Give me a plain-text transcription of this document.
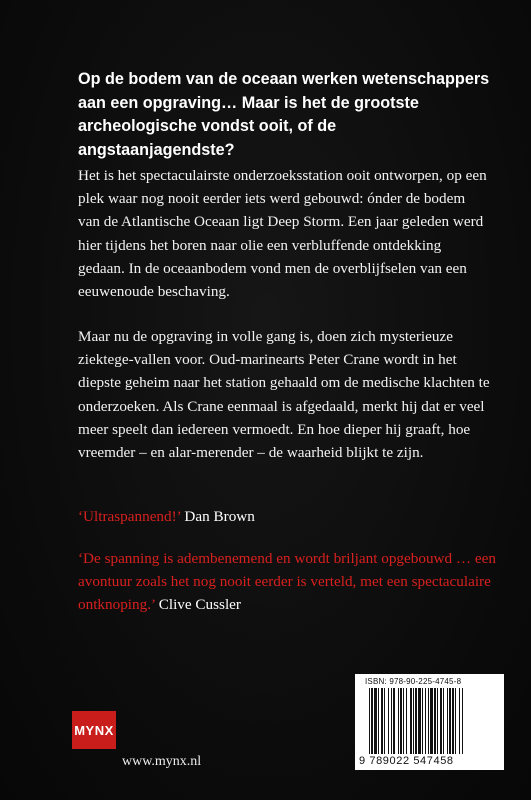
Op de bodem van de oceaan werken wetenschappers aan een opgraving… Maar is het de grootste archeologische vondst ooit, of de angstaanjagendste?

Het is het spectaculairste onderzoeksstation ooit ontworpen, op een plek waar nog nooit eerder iets werd gebouwd: ónder de bodem van de Atlantische Oceaan ligt Deep Storm. Een jaar geleden werd hier tijdens het boren naar olie een verbluffende ontdekking gedaan. In de oceaanbodem vond men de overblijfselen van een eeuwenoude beschaving.

Maar nu de opgraving in volle gang is, doen zich mysterieuze ziektege-vallen voor. Oud-marinearts Peter Crane wordt in het diepste geheim naar het station gehaald om de medische klachten te onderzoeken. Als Crane eenmaal is afgedaald, merkt hij dat er veel meer speelt dan iedereen vermoedt. En hoe dieper hij graaft, hoe vreemder – en alar-merender – de waarheid blijkt te zijn.

‘Ultraspannend!’ Dan Brown

‘De spanning is adembenemend en wordt briljant opgebouwd … een avontuur zoals het nog nooit eerder is verteld, met een spectaculaire ontknoping.’ Clive Cussler

ISBN: 978-90-225-4745-8
9 789022 547458
MYNX
www.mynx.nl
